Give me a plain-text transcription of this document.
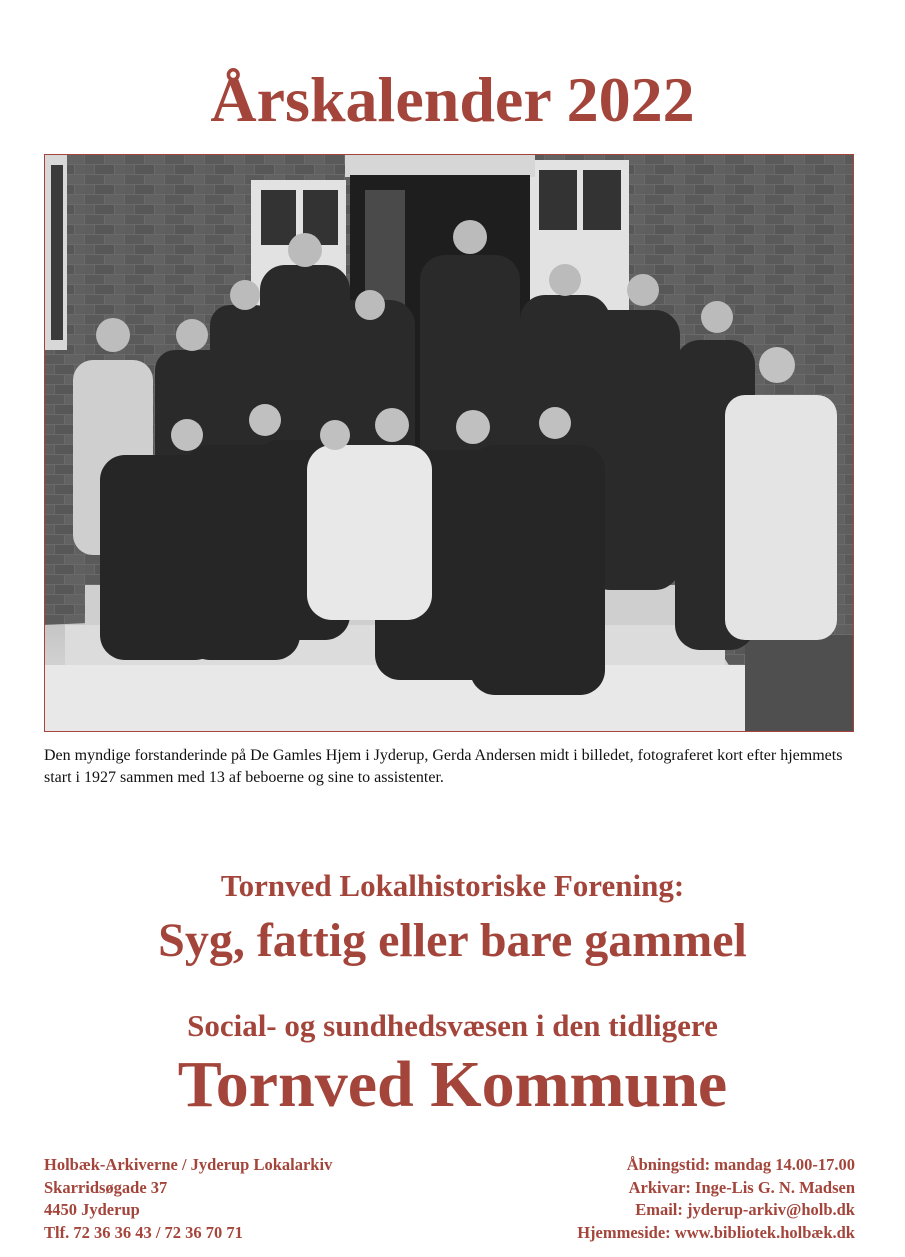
Årskalender 2022
Den myndige forstanderinde på De Gamles Hjem i Jyderup, Gerda Andersen midt i billedet, fotograferet kort efter hjemmets start i 1927 sammen med 13 af beboerne og sine to assistenter.
Tornved Lokalhistoriske Forening:
Syg, fattig eller bare gammel
Social- og sundhedsvæsen i den tidligere
Tornved Kommune
Holbæk-Arkiverne / Jyderup Lokalarkiv
Skarridsøgade 37
4450 Jyderup
Tlf. 72 36 36 43 / 72 36 70 71
Åbningstid: mandag 14.00-17.00
Arkivar: Inge-Lis G. N. Madsen
Email: jyderup-arkiv@holb.dk
Hjemmeside: www.bibliotek.holbæk.dk
